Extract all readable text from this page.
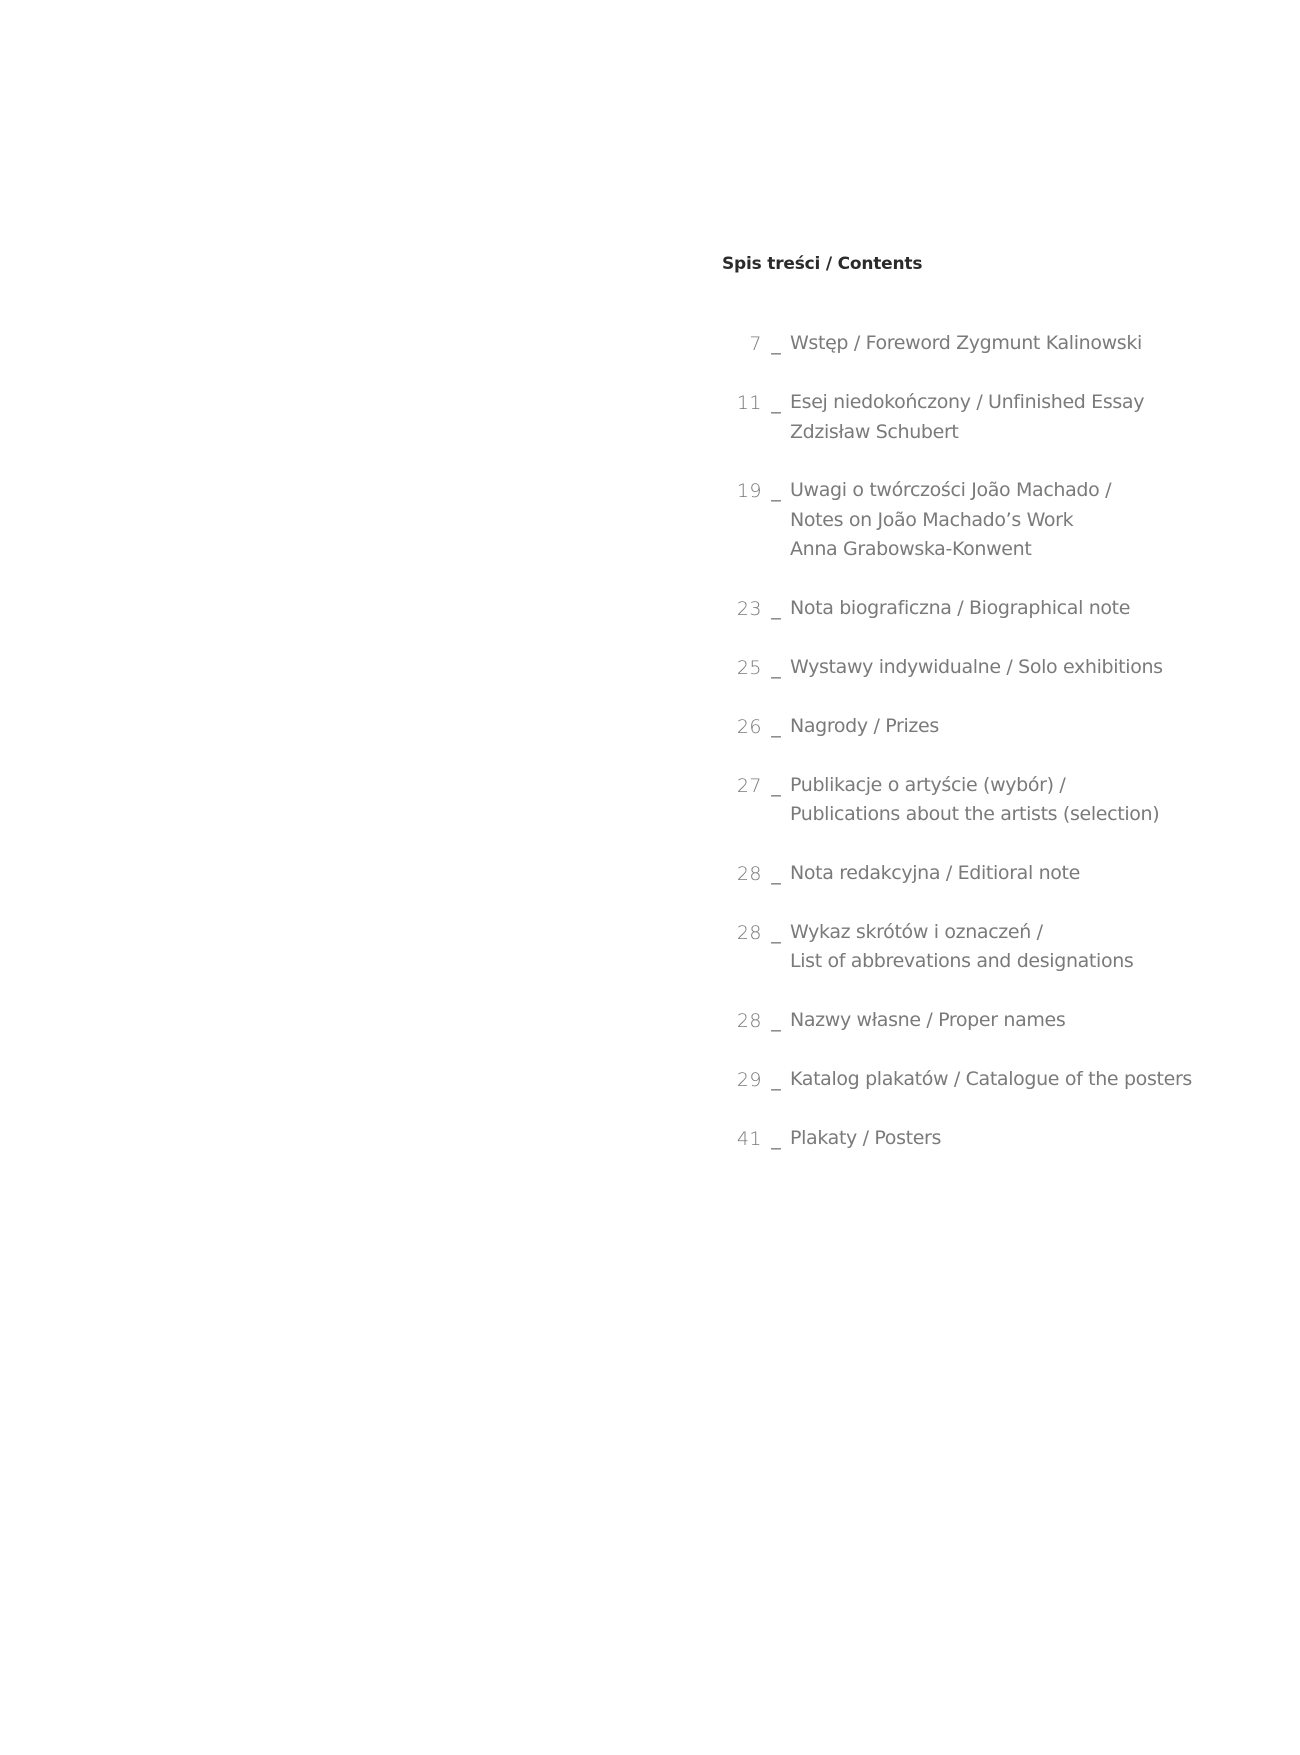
Spis treści / Contents
7 _ Wstęp / Foreword Zygmunt Kalinowski
11 _ Esej niedokończony / Unfinished Essay
Zdzisław Schubert
19 _ Uwagi o twórczości João Machado /
Notes on João Machado’s Work
Anna Grabowska-Konwent
23 _ Nota biograficzna / Biographical note
25 _ Wystawy indywidualne / Solo exhibitions
26 _ Nagrody / Prizes
27 _ Publikacje o artyście (wybór) /
Publications about the artists (selection)
28 _ Nota redakcyjna / Editioral note
28 _ Wykaz skrótów i oznaczeń /
List of abbrevations and designations
28 _ Nazwy własne / Proper names
29 _ Katalog plakatów / Catalogue of the posters
41 _ Plakaty / Posters
